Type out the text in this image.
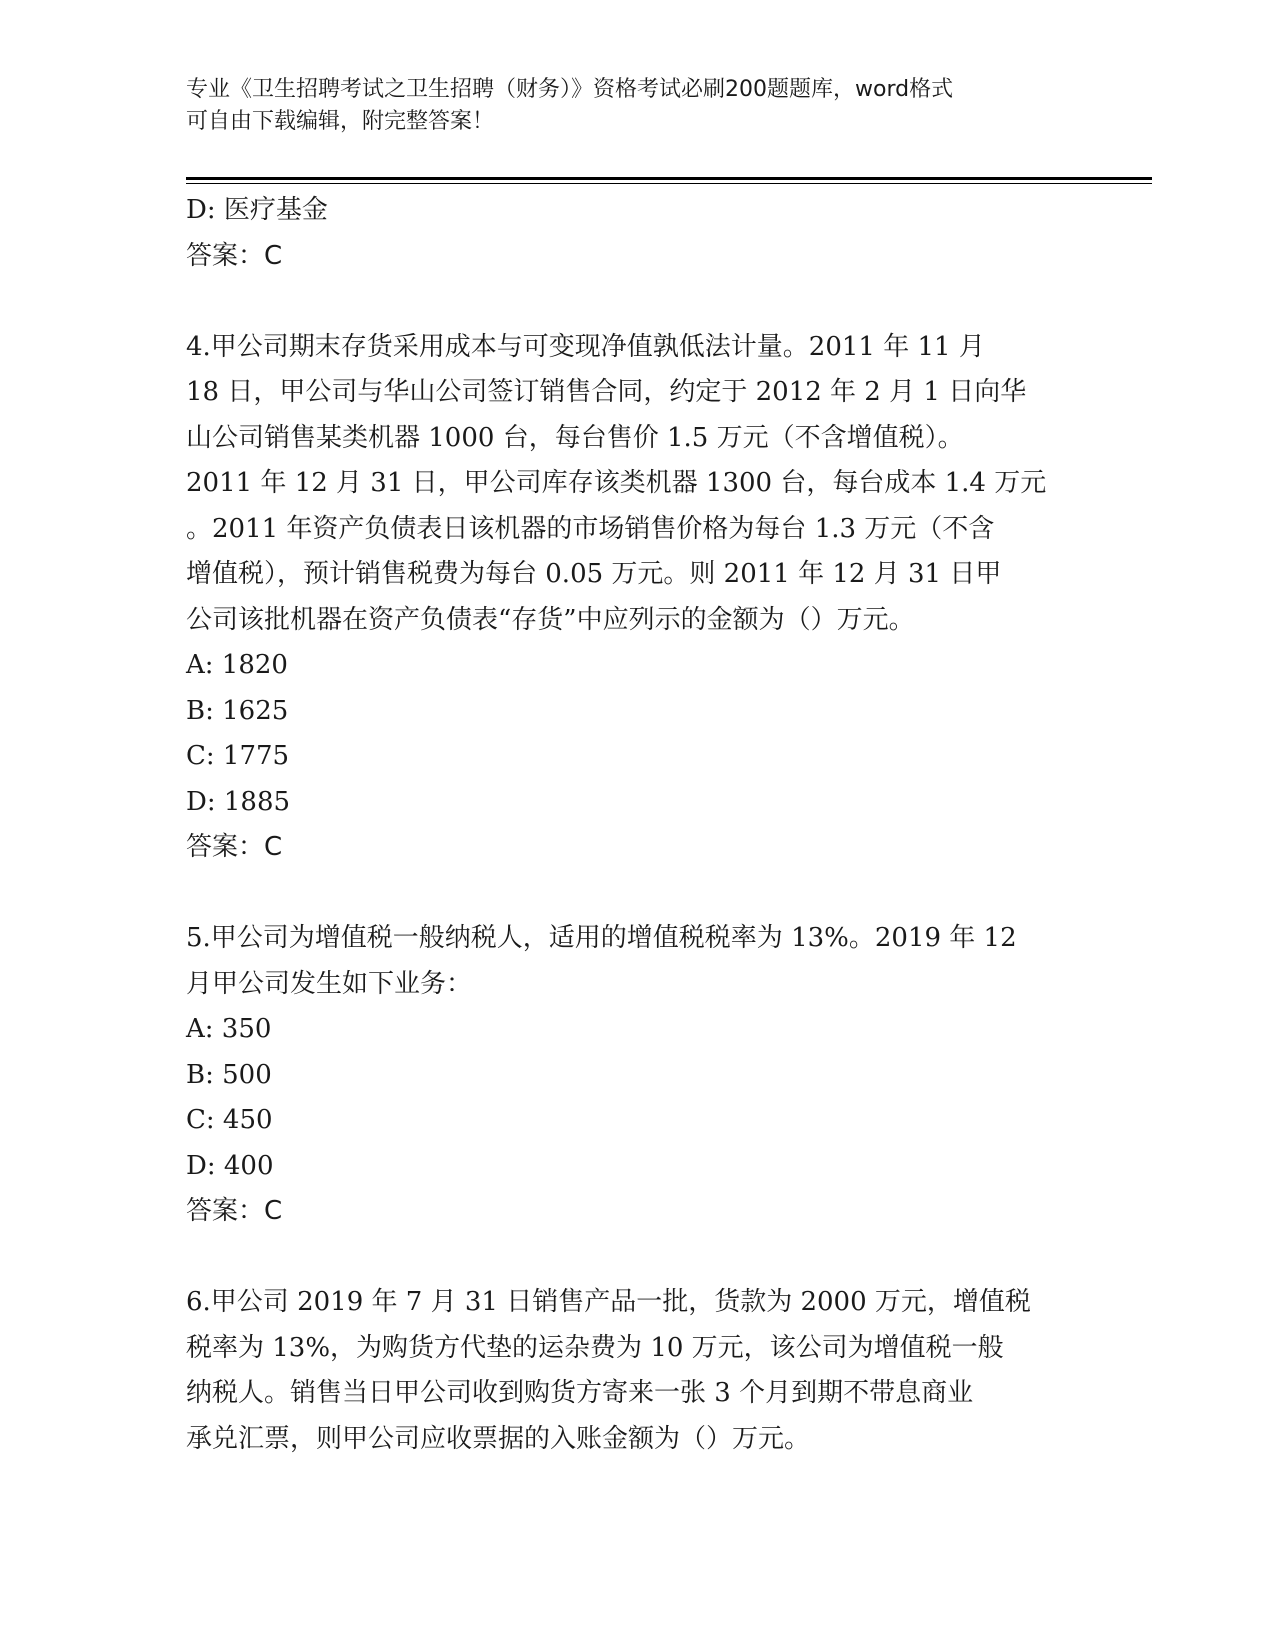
专业《卫生招聘考试之卫生招聘（财务）》资格考试必刷200题题库，word格式
可自由下载编辑，附完整答案！
D: 医疗基金
答案：C
4.甲公司期末存货采用成本与可变现净值孰低法计量。2011 年 11 月
18 日，甲公司与华山公司签订销售合同，约定于 2012 年 2 月 1 日向华
山公司销售某类机器 1000 台，每台售价 1.5 万元（不含增值税）。
2011 年 12 月 31 日，甲公司库存该类机器 1300 台，每台成本 1.4 万元
。2011 年资产负债表日该机器的市场销售价格为每台 1.3 万元（不含
增值税），预计销售税费为每台 0.05 万元。则 2011 年 12 月 31 日甲
公司该批机器在资产负债表“存货”中应列示的金额为（）万元。
A: 1820
B: 1625
C: 1775
D: 1885
答案：C
5.甲公司为增值税一般纳税人，适用的增值税税率为 13%。2019 年 12
月甲公司发生如下业务：
A: 350
B: 500
C: 450
D: 400
答案：C
6.甲公司 2019 年 7 月 31 日销售产品一批，货款为 2000 万元，增值税
税率为 13%，为购货方代垫的运杂费为 10 万元，该公司为增值税一般
纳税人。销售当日甲公司收到购货方寄来一张 3 个月到期不带息商业
承兑汇票，则甲公司应收票据的入账金额为（）万元。
